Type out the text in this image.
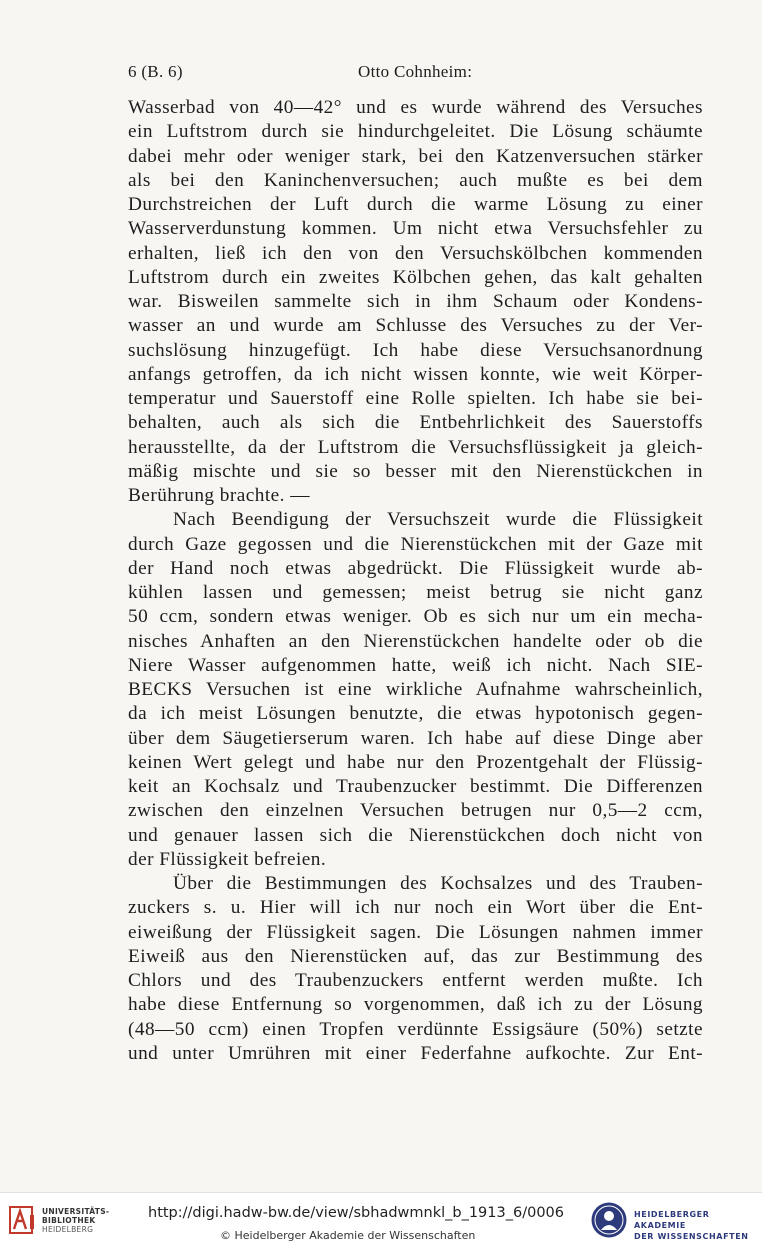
6 (B. 6)	Otto Cohnheim:
Wasserbad von 40—42° und es wurde während des Versuches
ein Luftstrom durch sie hindurchgeleitet. Die Lösung schäumte
dabei mehr oder weniger stark, bei den Katzenversuchen stärker
als bei den Kaninchenversuchen; auch mußte es bei dem
Durchstreichen der Luft durch die warme Lösung zu einer
Wasserverdunstung kommen. Um nicht etwa Versuchsfehler zu
erhalten, ließ ich den von den Versuchskölbchen kommenden
Luftstrom durch ein zweites Kölbchen gehen, das kalt gehalten
war. Bisweilen sammelte sich in ihm Schaum oder Kondens-
wasser an und wurde am Schlusse des Versuches zu der Ver-
suchslösung hinzugefügt. Ich habe diese Versuchsanordnung
anfangs getroffen, da ich nicht wissen konnte, wie weit Körper-
temperatur und Sauerstoff eine Rolle spielten. Ich habe sie bei-
behalten, auch als sich die Entbehrlichkeit des Sauerstoffs
herausstellte, da der Luftstrom die Versuchsflüssigkeit ja gleich-
mäßig mischte und sie so besser mit den Nierenstückchen in
Berührung brachte. —
Nach Beendigung der Versuchszeit wurde die Flüssigkeit
durch Gaze gegossen und die Nierenstückchen mit der Gaze mit
der Hand noch etwas abgedrückt. Die Flüssigkeit wurde ab-
kühlen lassen und gemessen; meist betrug sie nicht ganz
50 ccm, sondern etwas weniger. Ob es sich nur um ein mecha-
nisches Anhaften an den Nierenstückchen handelte oder ob die
Niere Wasser aufgenommen hatte, weiß ich nicht. Nach SIE-
BECKS Versuchen ist eine wirkliche Aufnahme wahrscheinlich,
da ich meist Lösungen benutzte, die etwas hypotonisch gegen-
über dem Säugetierserum waren. Ich habe auf diese Dinge aber
keinen Wert gelegt und habe nur den Prozentgehalt der Flüssig-
keit an Kochsalz und Traubenzucker bestimmt. Die Differenzen
zwischen den einzelnen Versuchen betrugen nur 0,5—2 ccm,
und genauer lassen sich die Nierenstückchen doch nicht von
der Flüssigkeit befreien.
Über die Bestimmungen des Kochsalzes und des Trauben-
zuckers s. u. Hier will ich nur noch ein Wort über die Ent-
eiweißung der Flüssigkeit sagen. Die Lösungen nahmen immer
Eiweiß aus den Nierenstücken auf, das zur Bestimmung des
Chlors und des Traubenzuckers entfernt werden mußte. Ich
habe diese Entfernung so vorgenommen, daß ich zu der Lösung
(48—50 ccm) einen Tropfen verdünnte Essigsäure (50%) setzte
und unter Umrühren mit einer Federfahne aufkochte. Zur Ent-
UNIVERSITÄTS-
BIBLIOTHEK
HEIDELBERG
http://digi.hadw-bw.de/view/sbhadwmnkl_b_1913_6/0006
© Heidelberger Akademie der Wissenschaften
HEIDELBERGER AKADEMIE
DER WISSENSCHAFTEN
